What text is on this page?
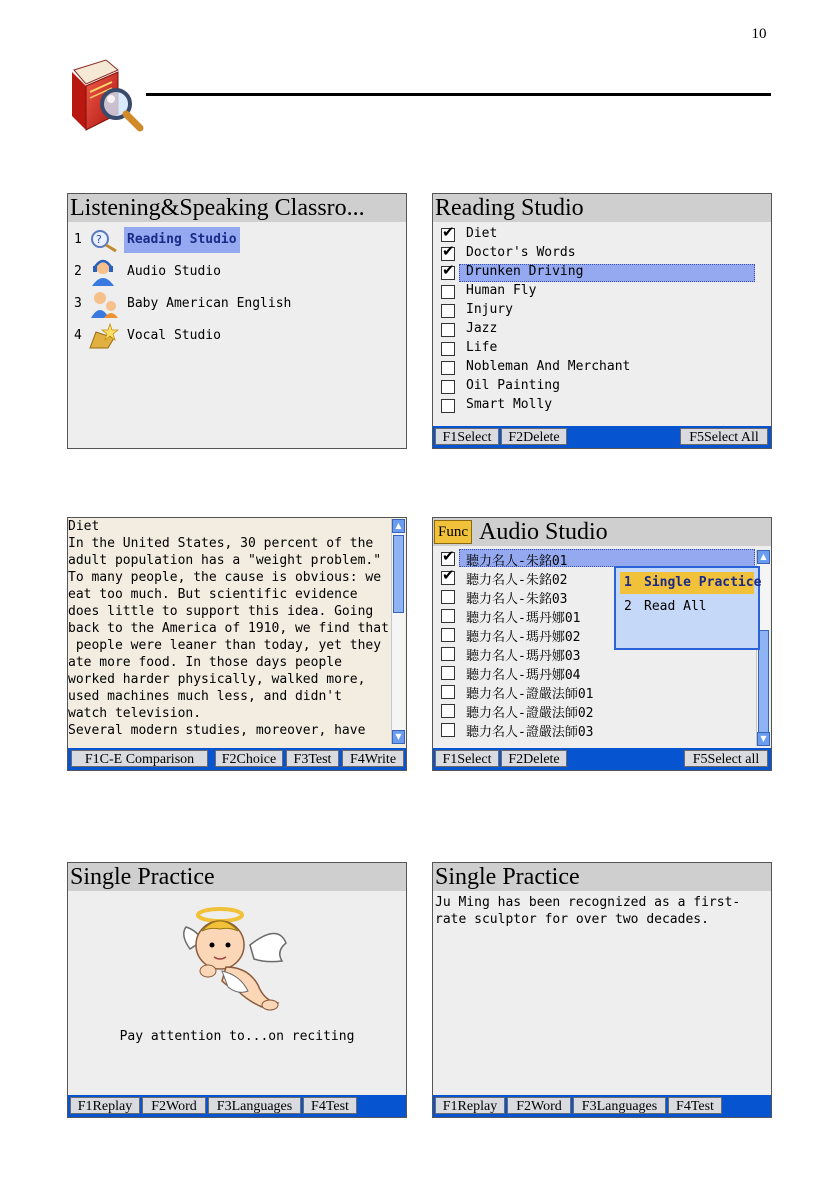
10
Listening&Speaking Classro...
1 ? Reading Studio
2	Audio Studio
3	Baby American English
4	Vocal Studio
Reading Studio
✔ Diet
✔ Doctor's Words
✔ Drunken Driving
Human Fly
Injury
Jazz
Life
Nobleman And Merchant
Oil Painting
Smart Molly
F1Select	F2Delete	F5Select All
Diet
In the United States, 30 percent of the
adult population has a "weight problem."
To many people, the cause is obvious: we
eat too much. But scientific evidence
does little to support this idea. Going
back to the America of 1910, we find that
people were leaner than today, yet they
ate more food. In those days people
worked harder physically, walked more,
used machines much less, and didn't
watch television.
Several modern studies, moreover, have
▲
▼
F1C-E Comparison	F2Choice	F3Test	F4Write
Func Audio Studio
✔ 聽力名人-朱銘01
✔ 聽力名人-朱銘02
聽力名人-朱銘03
聽力名人-瑪丹娜01
聽力名人-瑪丹娜02
聽力名人-瑪丹娜03
聽力名人-瑪丹娜04
聽力名人-證嚴法師01
聽力名人-證嚴法師02
聽力名人-證嚴法師03
▲
▼
1 Single Practice
2 Read All
F1Select	F2Delete	F5Select all
Single Practice
Pay attention to...on reciting
F1Replay	F2Word	F3Languages	F4Test
Single Practice
Ju Ming has been recognized as a first-
rate sculptor for over two decades.
F1Replay	F2Word	F3Languages	F4Test
